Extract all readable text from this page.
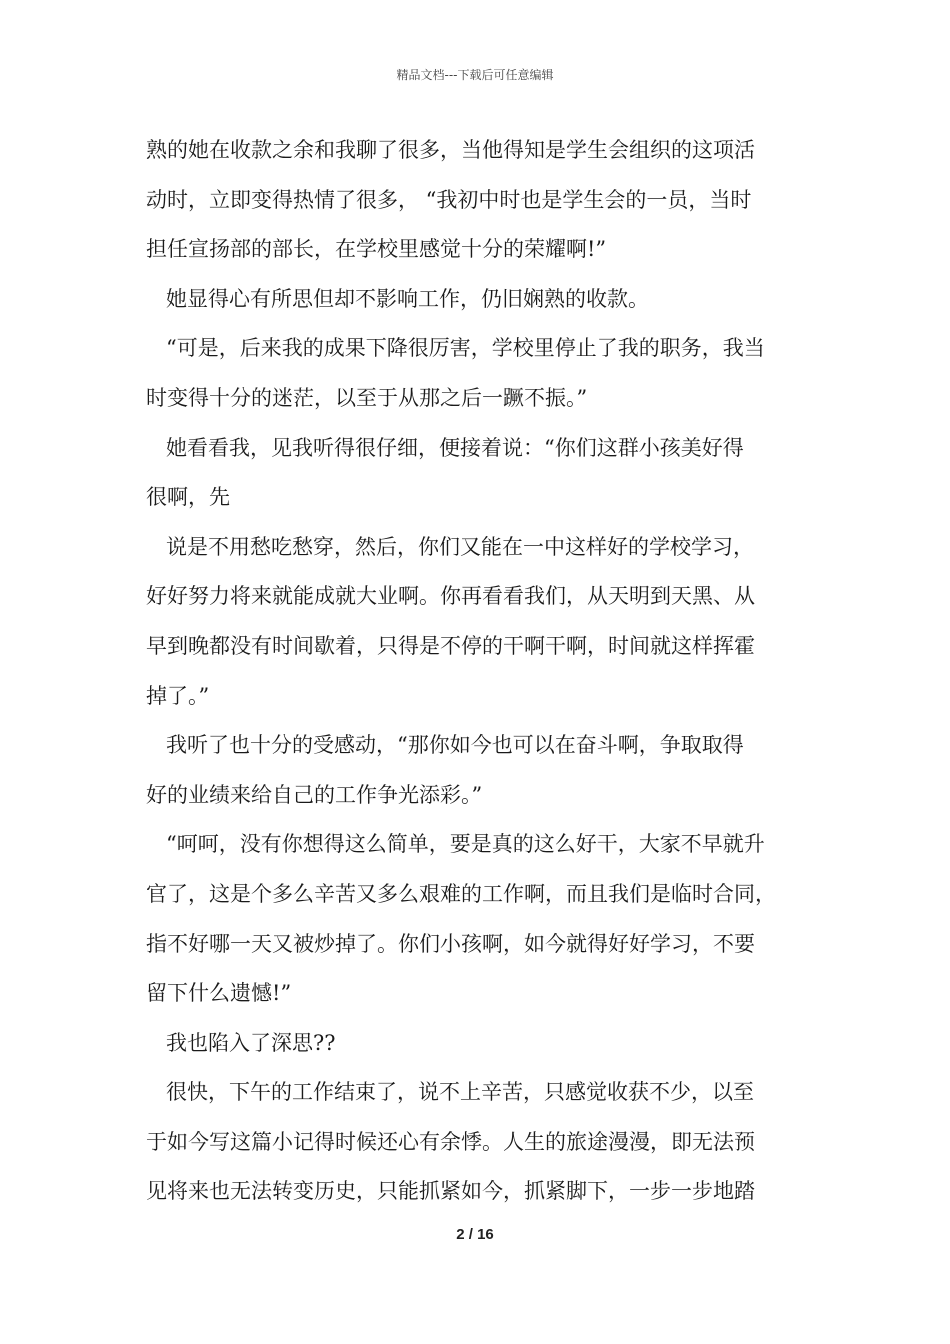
精品文档---下载后可任意编辑
熟的她在收款之余和我聊了很多，当他得知是学生会组织的这项活
动时，立即变得热情了很多， “我初中时也是学生会的一员，当时
担任宣扬部的部长，在学校里感觉十分的荣耀啊!”
她显得心有所思但却不影响工作，仍旧娴熟的收款。
“可是，后来我的成果下降很厉害，学校里停止了我的职务，我当
时变得十分的迷茫，以至于从那之后一蹶不振。”
她看看我，见我听得很仔细，便接着说：“你们这群小孩美好得
很啊，先
说是不用愁吃愁穿，然后，你们又能在一中这样好的学校学习，
好好努力将来就能成就大业啊。你再看看我们，从天明到天黑、从
早到晚都没有时间歇着，只得是不停的干啊干啊，时间就这样挥霍
掉了。”
我听了也十分的受感动，“那你如今也可以在奋斗啊，争取取得
好的业绩来给自己的工作争光添彩。”
“呵呵，没有你想得这么简单，要是真的这么好干，大家不早就升
官了，这是个多么辛苦又多么艰难的工作啊，而且我们是临时合同，
指不好哪一天又被炒掉了。你们小孩啊，如今就得好好学习，不要
留下什么遗憾!”
我也陷入了深思??
很快，下午的工作结束了，说不上辛苦，只感觉收获不少，以至
于如今写这篇小记得时候还心有余悸。人生的旅途漫漫，即无法预
见将来也无法转变历史，只能抓紧如今，抓紧脚下，一步一步地踏
2 / 16
